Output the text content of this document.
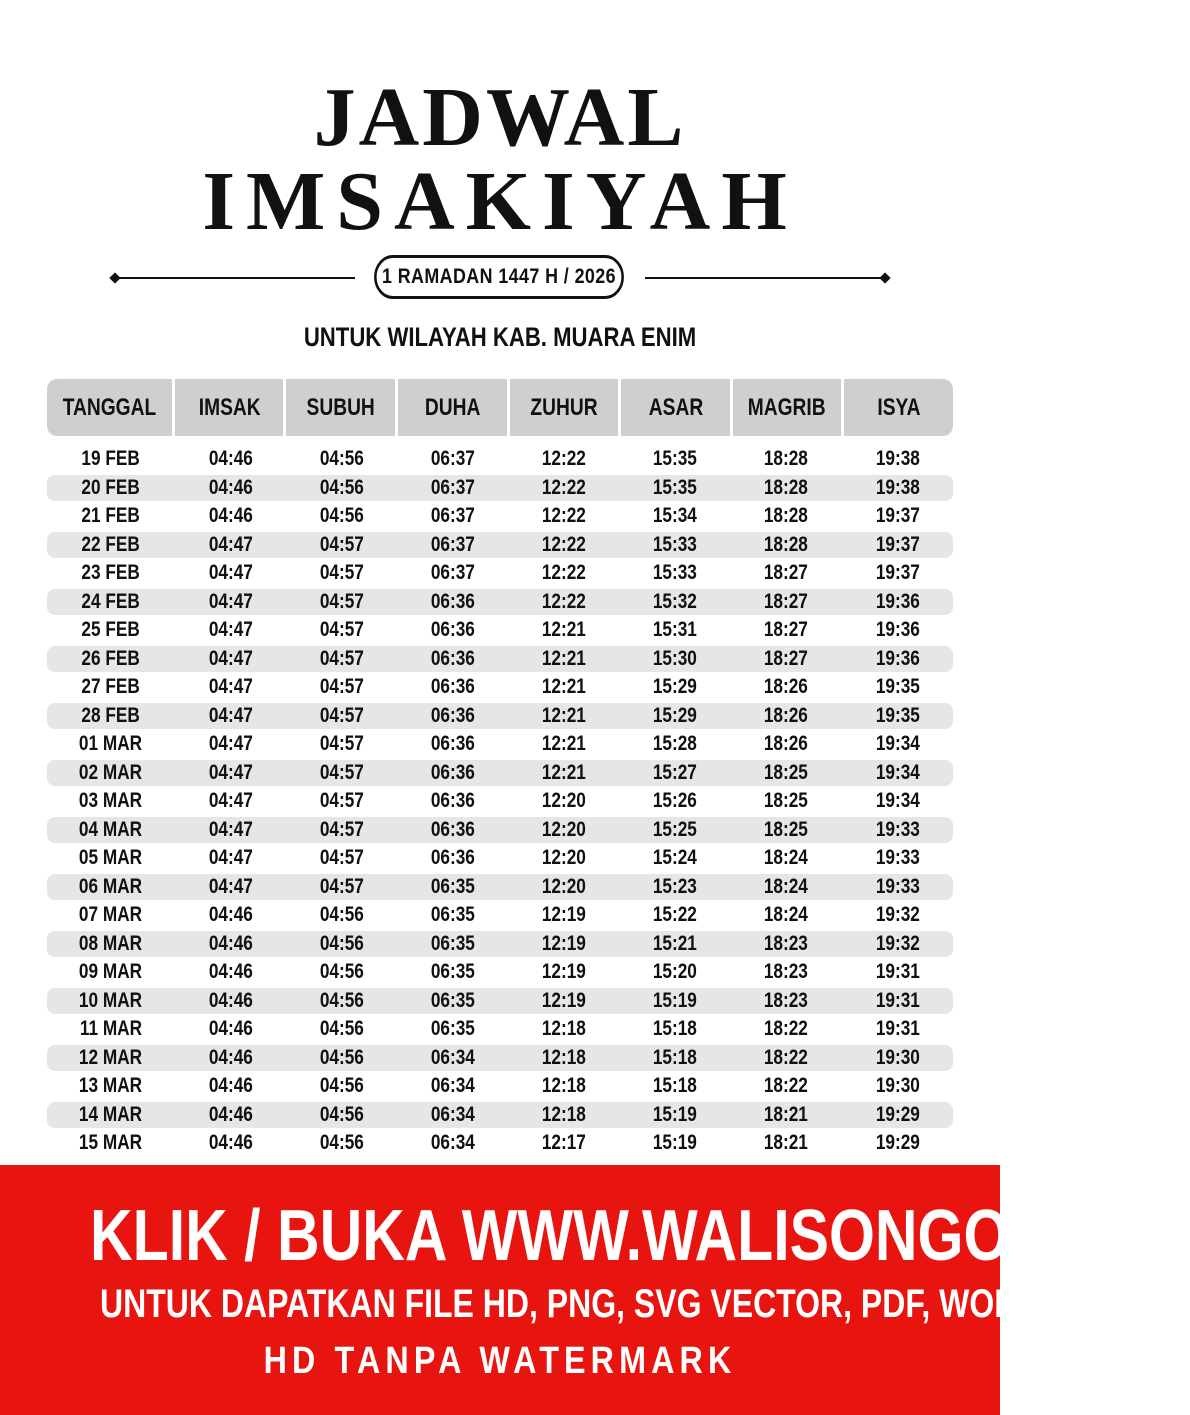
JADWAL
IMSAKIYAH
1 RAMADAN 1447 H / 2026
UNTUK WILAYAH KAB. MUARA ENIM
TANGGAL IMSAK SUBUH DUHA ZUHUR ASAR MAGRIB ISYA
19 FEB	04:46	04:56	06:37	12:22	15:35	18:28	19:38
20 FEB	04:46	04:56	06:37	12:22	15:35	18:28	19:38
21 FEB	04:46	04:56	06:37	12:22	15:34	18:28	19:37
22 FEB	04:47	04:57	06:37	12:22	15:33	18:28	19:37
23 FEB	04:47	04:57	06:37	12:22	15:33	18:27	19:37
24 FEB	04:47	04:57	06:36	12:22	15:32	18:27	19:36
25 FEB	04:47	04:57	06:36	12:21	15:31	18:27	19:36
26 FEB	04:47	04:57	06:36	12:21	15:30	18:27	19:36
27 FEB	04:47	04:57	06:36	12:21	15:29	18:26	19:35
28 FEB	04:47	04:57	06:36	12:21	15:29	18:26	19:35
01 MAR	04:47	04:57	06:36	12:21	15:28	18:26	19:34
02 MAR	04:47	04:57	06:36	12:21	15:27	18:25	19:34
03 MAR	04:47	04:57	06:36	12:20	15:26	18:25	19:34
04 MAR	04:47	04:57	06:36	12:20	15:25	18:25	19:33
05 MAR	04:47	04:57	06:36	12:20	15:24	18:24	19:33
06 MAR	04:47	04:57	06:35	12:20	15:23	18:24	19:33
07 MAR	04:46	04:56	06:35	12:19	15:22	18:24	19:32
08 MAR	04:46	04:56	06:35	12:19	15:21	18:23	19:32
09 MAR	04:46	04:56	06:35	12:19	15:20	18:23	19:31
10 MAR	04:46	04:56	06:35	12:19	15:19	18:23	19:31
11 MAR	04:46	04:56	06:35	12:18	15:18	18:22	19:31
12 MAR	04:46	04:56	06:34	12:18	15:18	18:22	19:30
13 MAR	04:46	04:56	06:34	12:18	15:18	18:22	19:30
14 MAR	04:46	04:56	06:34	12:18	15:19	18:21	19:29
15 MAR	04:46	04:56	06:34	12:17	15:19	18:21	19:29
KLIK / BUKA WWW.WALISONGO.CO.ID
UNTUK DAPATKAN FILE HD, PNG, SVG VECTOR, PDF, WORD, EXCEL
HD TANPA WATERMARK
